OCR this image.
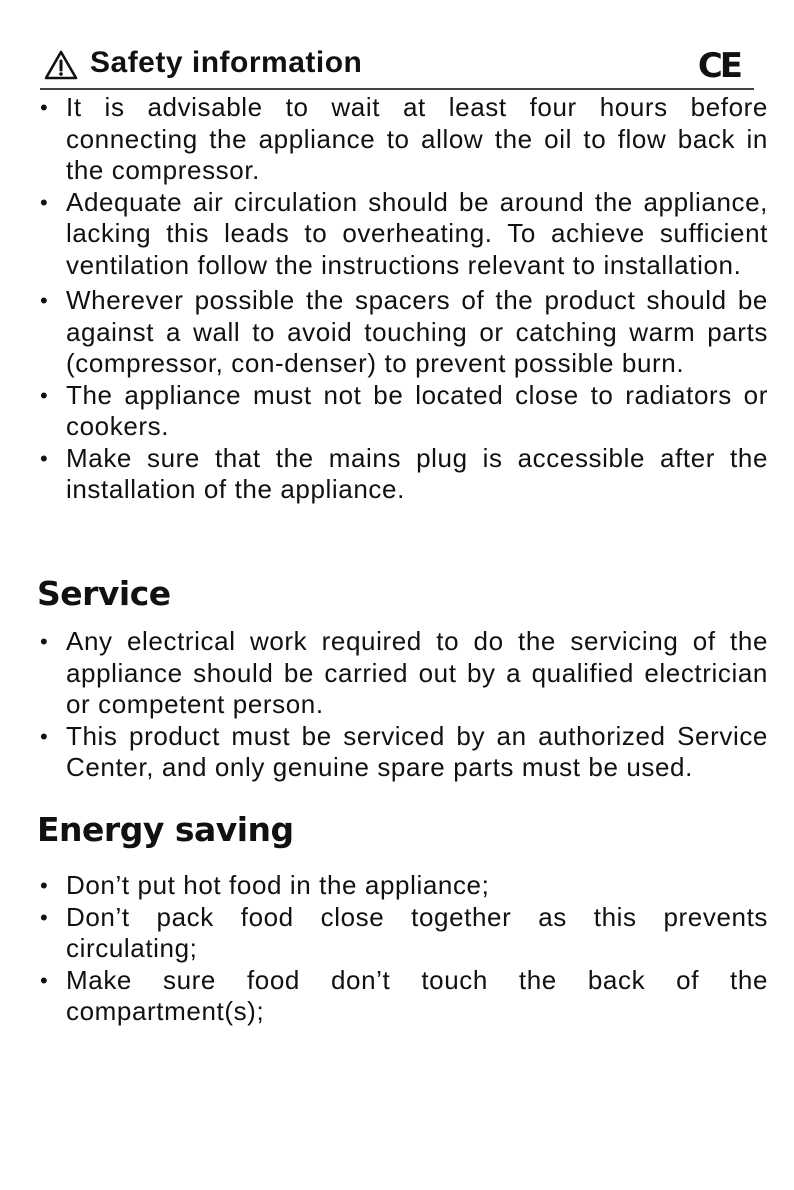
Safety information	CE
• It is advisable to wait at least four hours before connecting the appliance to allow the oil to flow back in the compressor.
• Adequate air circulation should be around the appliance, lacking this leads to overheating. To achieve sufficient ventilation follow the instructions relevant to installation.
• Wherever possible the spacers of the product should be against a wall to avoid touching or catching warm parts (compressor, con-denser) to prevent possible burn.
• The appliance must not be located close to radiators or cookers.
• Make sure that the mains plug is accessible after the installation of the appliance.
Service
• Any electrical work required to do the servicing of the appliance should be carried out by a qualified electrician or competent person.
• This product must be serviced by an authorized Service Center, and only genuine spare parts must be used.
Energy saving
• Don’t put hot food in the appliance;
• Don’t pack food close together as this prevents circulating;
• Make sure food don’t touch the back of the compartment(s);
